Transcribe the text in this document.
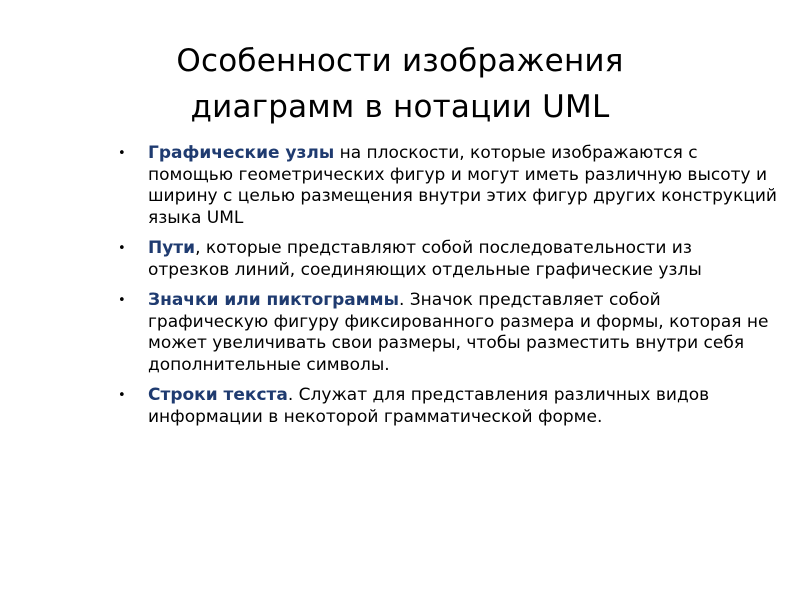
Особенности изображения
диаграмм в нотации UML
• Графические узлы на плоскости, которые изображаются с помощью геометрических фигур и могут иметь различную высоту и ширину с целью размещения внутри этих фигур других конструкций языка UML
• Пути, которые представляют собой последовательности из отрезков линий, соединяющих отдельные графические узлы
• Значки или пиктограммы. Значок представляет собой графическую фигуру фиксированного размера и формы, которая не может увеличивать свои размеры, чтобы разместить внутри себя дополнительные символы.
• Строки текста. Служат для представления различных видов информации в некоторой грамматической форме.
